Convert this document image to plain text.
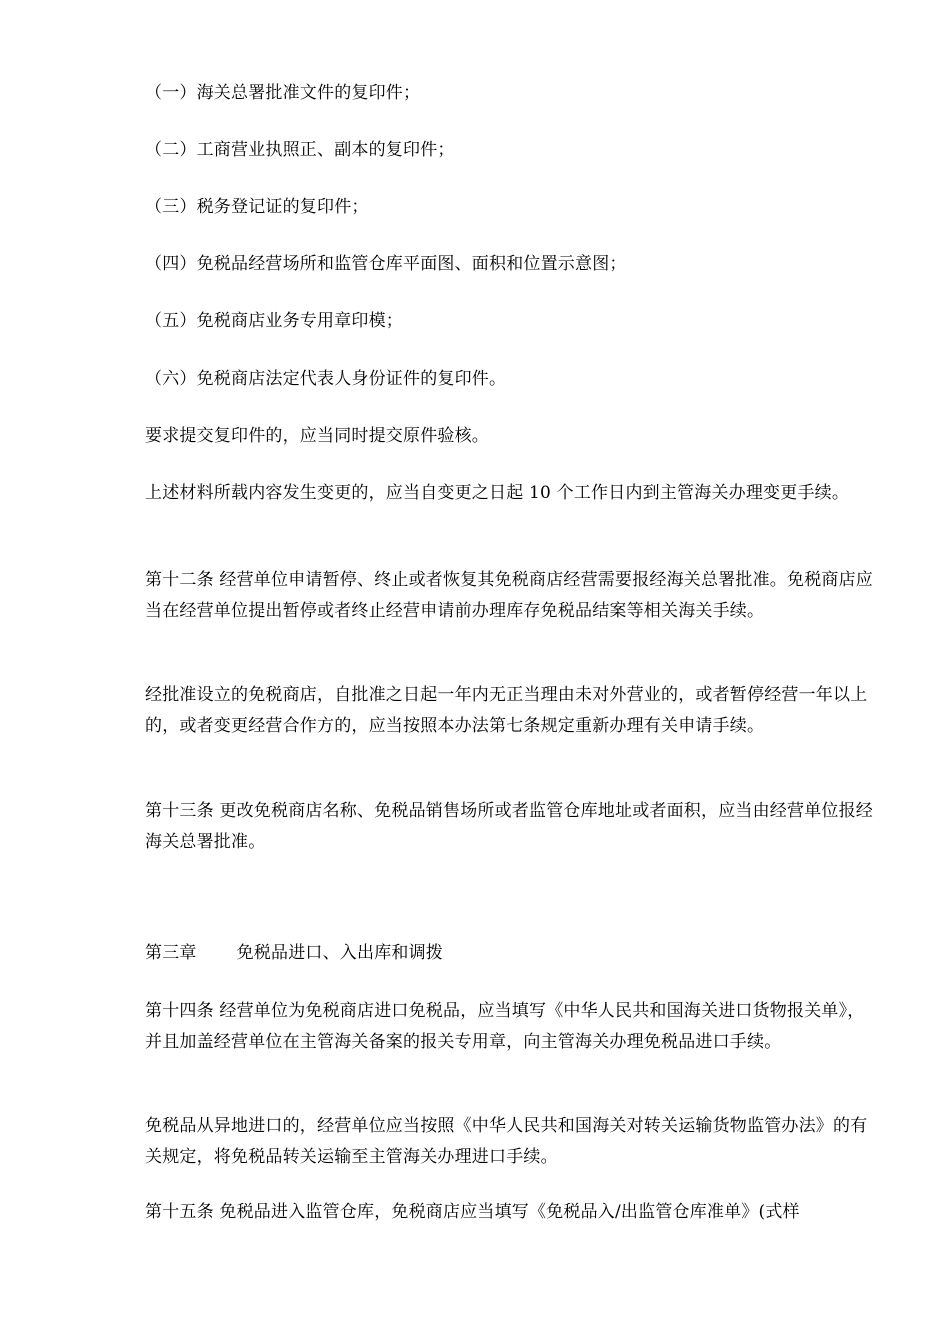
（一）海关总署批准文件的复印件；

（二）工商营业执照正、副本的复印件；

（三）税务登记证的复印件；

（四）免税品经营场所和监管仓库平面图、面积和位置示意图；

（五）免税商店业务专用章印模；

（六）免税商店法定代表人身份证件的复印件。

要求提交复印件的，应当同时提交原件验核。

上述材料所载内容发生变更的，应当自变更之日起 10 个工作日内到主管海关办理变更手续。

第十二条 经营单位申请暂停、终止或者恢复其免税商店经营需要报经海关总署批准。免税商店应当在经营单位提出暂停或者终止经营申请前办理库存免税品结案等相关海关手续。

经批准设立的免税商店，自批准之日起一年内无正当理由未对外营业的，或者暂停经营一年以上的，或者变更经营合作方的，应当按照本办法第七条规定重新办理有关申请手续。

第十三条 更改免税商店名称、免税品销售场所或者监管仓库地址或者面积，应当由经营单位报经海关总署批准。

第三章 免税品进口、入出库和调拨

第十四条 经营单位为免税商店进口免税品，应当填写《中华人民共和国海关进口货物报关单》，并且加盖经营单位在主管海关备案的报关专用章，向主管海关办理免税品进口手续。

免税品从异地进口的，经营单位应当按照《中华人民共和国海关对转关运输货物监管办法》的有关规定，将免税品转关运输至主管海关办理进口手续。

第十五条 免税品进入监管仓库，免税商店应当填写《免税品入/出监管仓库准单》(式样
